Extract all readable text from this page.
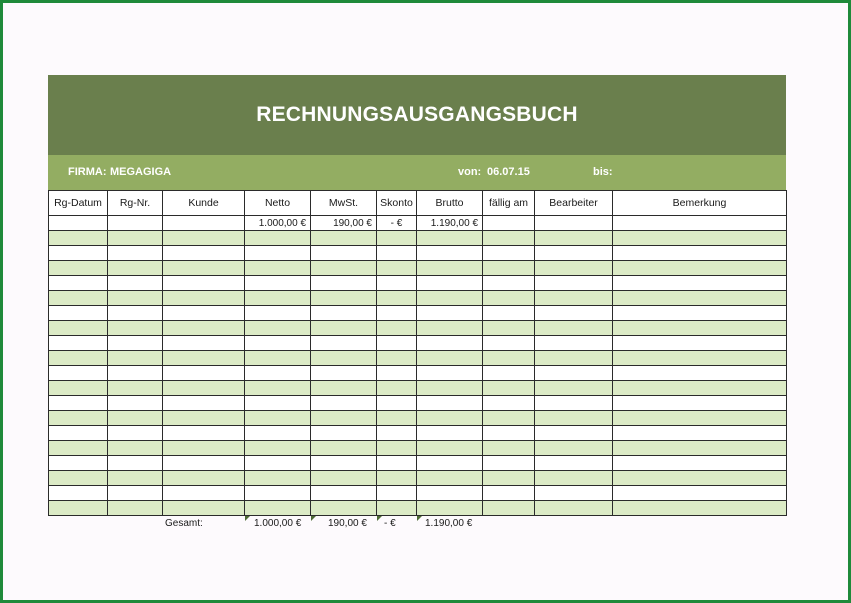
RECHNUNGSAUSGANGSBUCH
FIRMA: MEGAGIGA	von: 06.07.15	bis:
Rg-Datum	Rg-Nr.	Kunde	Netto	MwSt.	Skonto	Brutto	fällig am	Bearbeiter	Bemerkung
			1.000,00 €	190,00 €	- €	1.190,00 €			

Gesamt:	1.000,00 €	190,00 € - €	1.190,00 €
